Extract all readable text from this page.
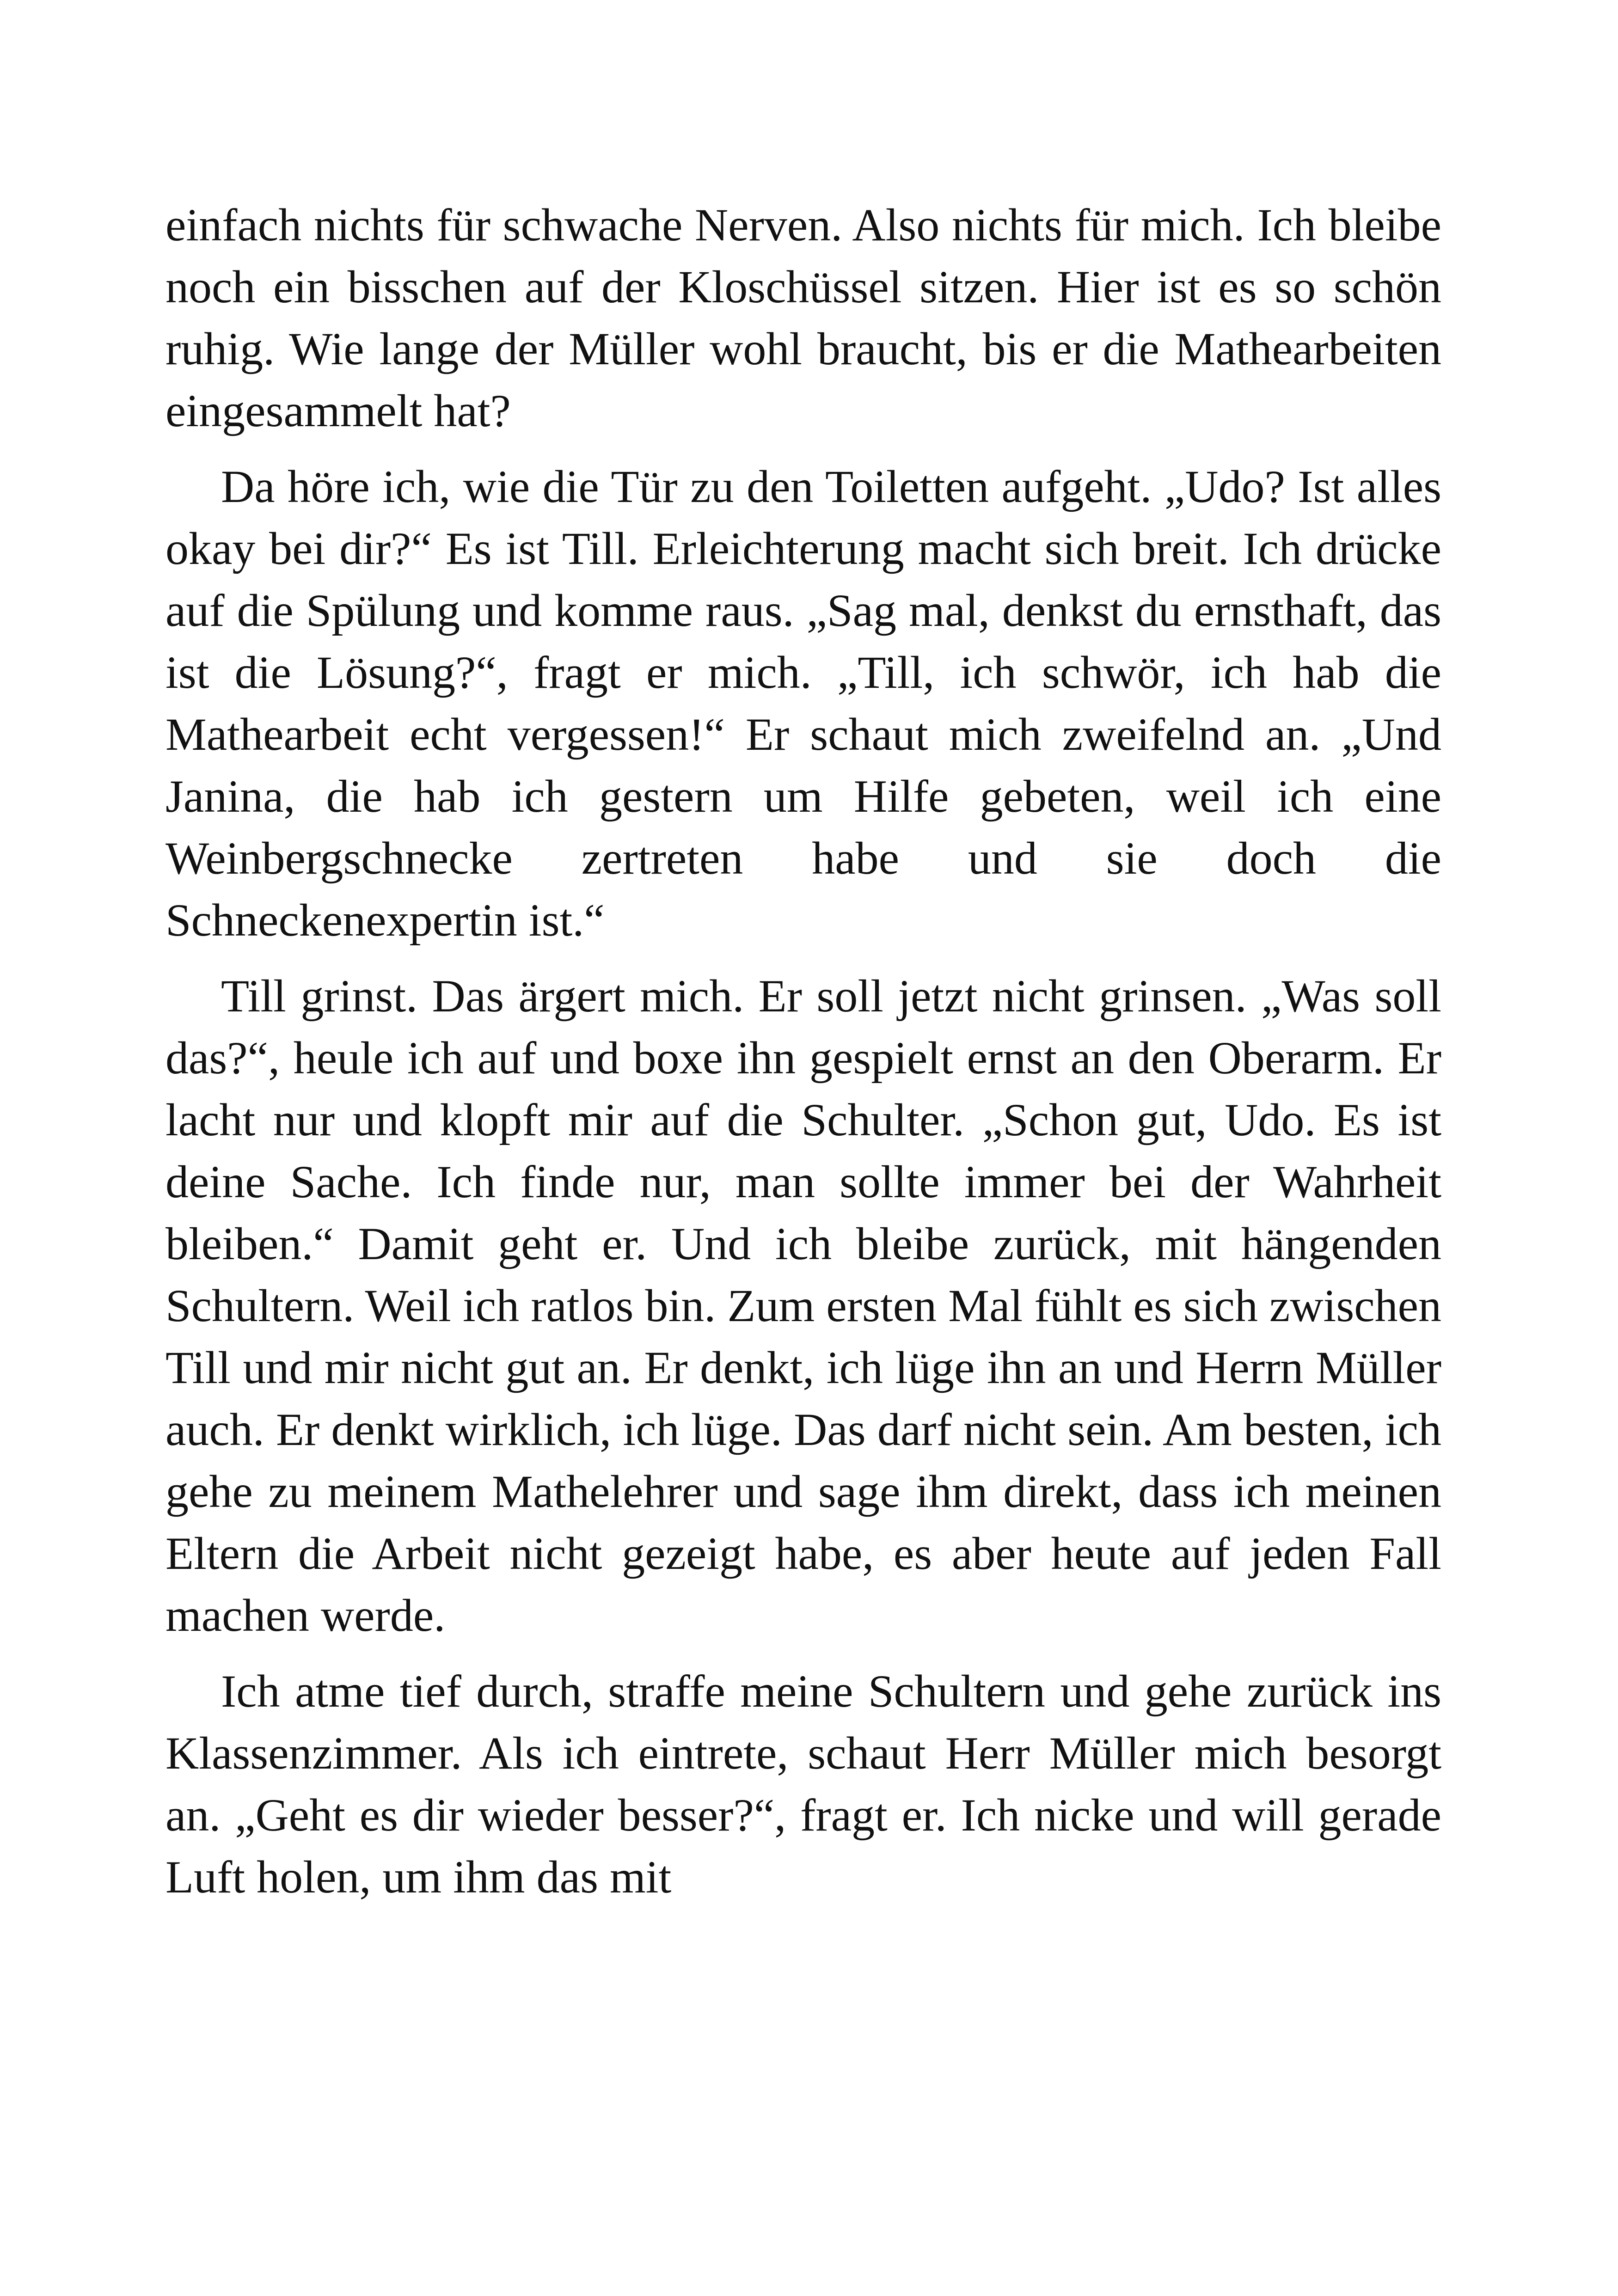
einfach nichts für schwache Nerven. Also nichts für mich. Ich bleibe noch ein bisschen auf der Kloschüssel sitzen. Hier ist es so schön ruhig. Wie lange der Müller wohl braucht, bis er die Mathearbeiten eingesammelt hat?

Da höre ich, wie die Tür zu den Toiletten aufgeht. „Udo? Ist alles okay bei dir?“ Es ist Till. Erleichterung macht sich breit. Ich drücke auf die Spülung und komme raus. „Sag mal, denkst du ernsthaft, das ist die Lösung?“, fragt er mich. „Till, ich schwör, ich hab die Mathearbeit echt vergessen!“ Er schaut mich zweifelnd an. „Und Janina, die hab ich gestern um Hilfe gebeten, weil ich eine Weinbergschnecke zertreten habe und sie doch die Schneckenexpertin ist.“

Till grinst. Das ärgert mich. Er soll jetzt nicht grinsen. „Was soll das?“, heule ich auf und boxe ihn gespielt ernst an den Oberarm. Er lacht nur und klopft mir auf die Schulter. „Schon gut, Udo. Es ist deine Sache. Ich finde nur, man sollte immer bei der Wahrheit bleiben.“ Damit geht er. Und ich bleibe zurück, mit hängenden Schultern. Weil ich ratlos bin. Zum ersten Mal fühlt es sich zwischen Till und mir nicht gut an. Er denkt, ich lüge ihn an und Herrn Müller auch. Er denkt wirklich, ich lüge. Das darf nicht sein. Am besten, ich gehe zu meinem Mathelehrer und sage ihm direkt, dass ich meinen Eltern die Arbeit nicht gezeigt habe, es aber heute auf jeden Fall machen werde.

Ich atme tief durch, straffe meine Schultern und gehe zurück ins Klassenzimmer. Als ich eintrete, schaut Herr Müller mich besorgt an. „Geht es dir wieder besser?“, fragt er. Ich nicke und will gerade Luft holen, um ihm das mit
